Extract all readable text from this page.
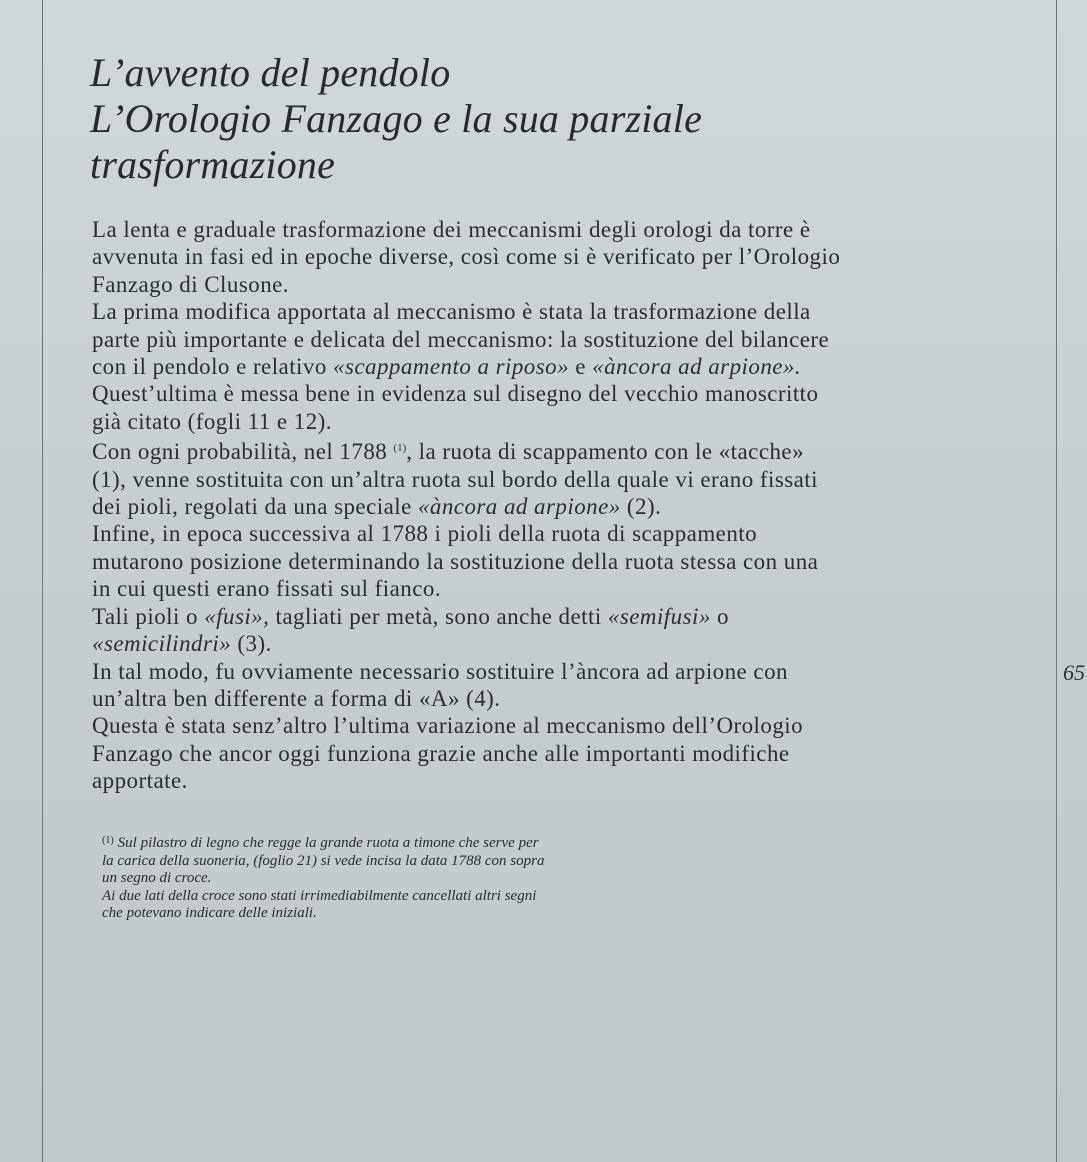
L’avvento del pendolo
L’Orologio Fanzago e la sua parziale
trasformazione
La lenta e graduale trasformazione dei meccanismi degli orologi da torre è
avvenuta in fasi ed in epoche diverse, così come si è verificato per l’Orologio
Fanzago di Clusone.
La prima modifica apportata al meccanismo è stata la trasformazione della
parte più importante e delicata del meccanismo: la sostituzione del bilancere
con il pendolo e relativo «scappamento a riposo» e «àncora ad arpione».
Quest’ultima è messa bene in evidenza sul disegno del vecchio manoscritto
già citato (fogli 11 e 12).
Con ogni probabilità, nel 1788 $^{(1)}$, la ruota di scappamento con le «tacche»
(1), venne sostituita con un’altra ruota sul bordo della quale vi erano fissati
dei pioli, regolati da una speciale «àncora ad arpione» (2).
Infine, in epoca successiva al 1788 i pioli della ruota di scappamento
mutarono posizione determinando la sostituzione della ruota stessa con una
in cui questi erano fissati sul fianco.
Tali pioli o «fusi», tagliati per metà, sono anche detti «semifusi» o
«semicilindri» (3).
In tal modo, fu ovviamente necessario sostituire l’àncora ad arpione con
un’altra ben differente a forma di «A» (4).
Questa è stata senz’altro l’ultima variazione al meccanismo dell’Orologio
Fanzago che ancor oggi funziona grazie anche alle importanti modifiche
apportate.
65
$^{(1)}$ Sul pilastro di legno che regge la grande ruota a timone che serve per
la carica della suoneria, (foglio 21) si vede incisa la data 1788 con sopra
un segno di croce.
Ai due lati della croce sono stati irrimediabilmente cancellati altri segni
che potevano indicare delle iniziali.
